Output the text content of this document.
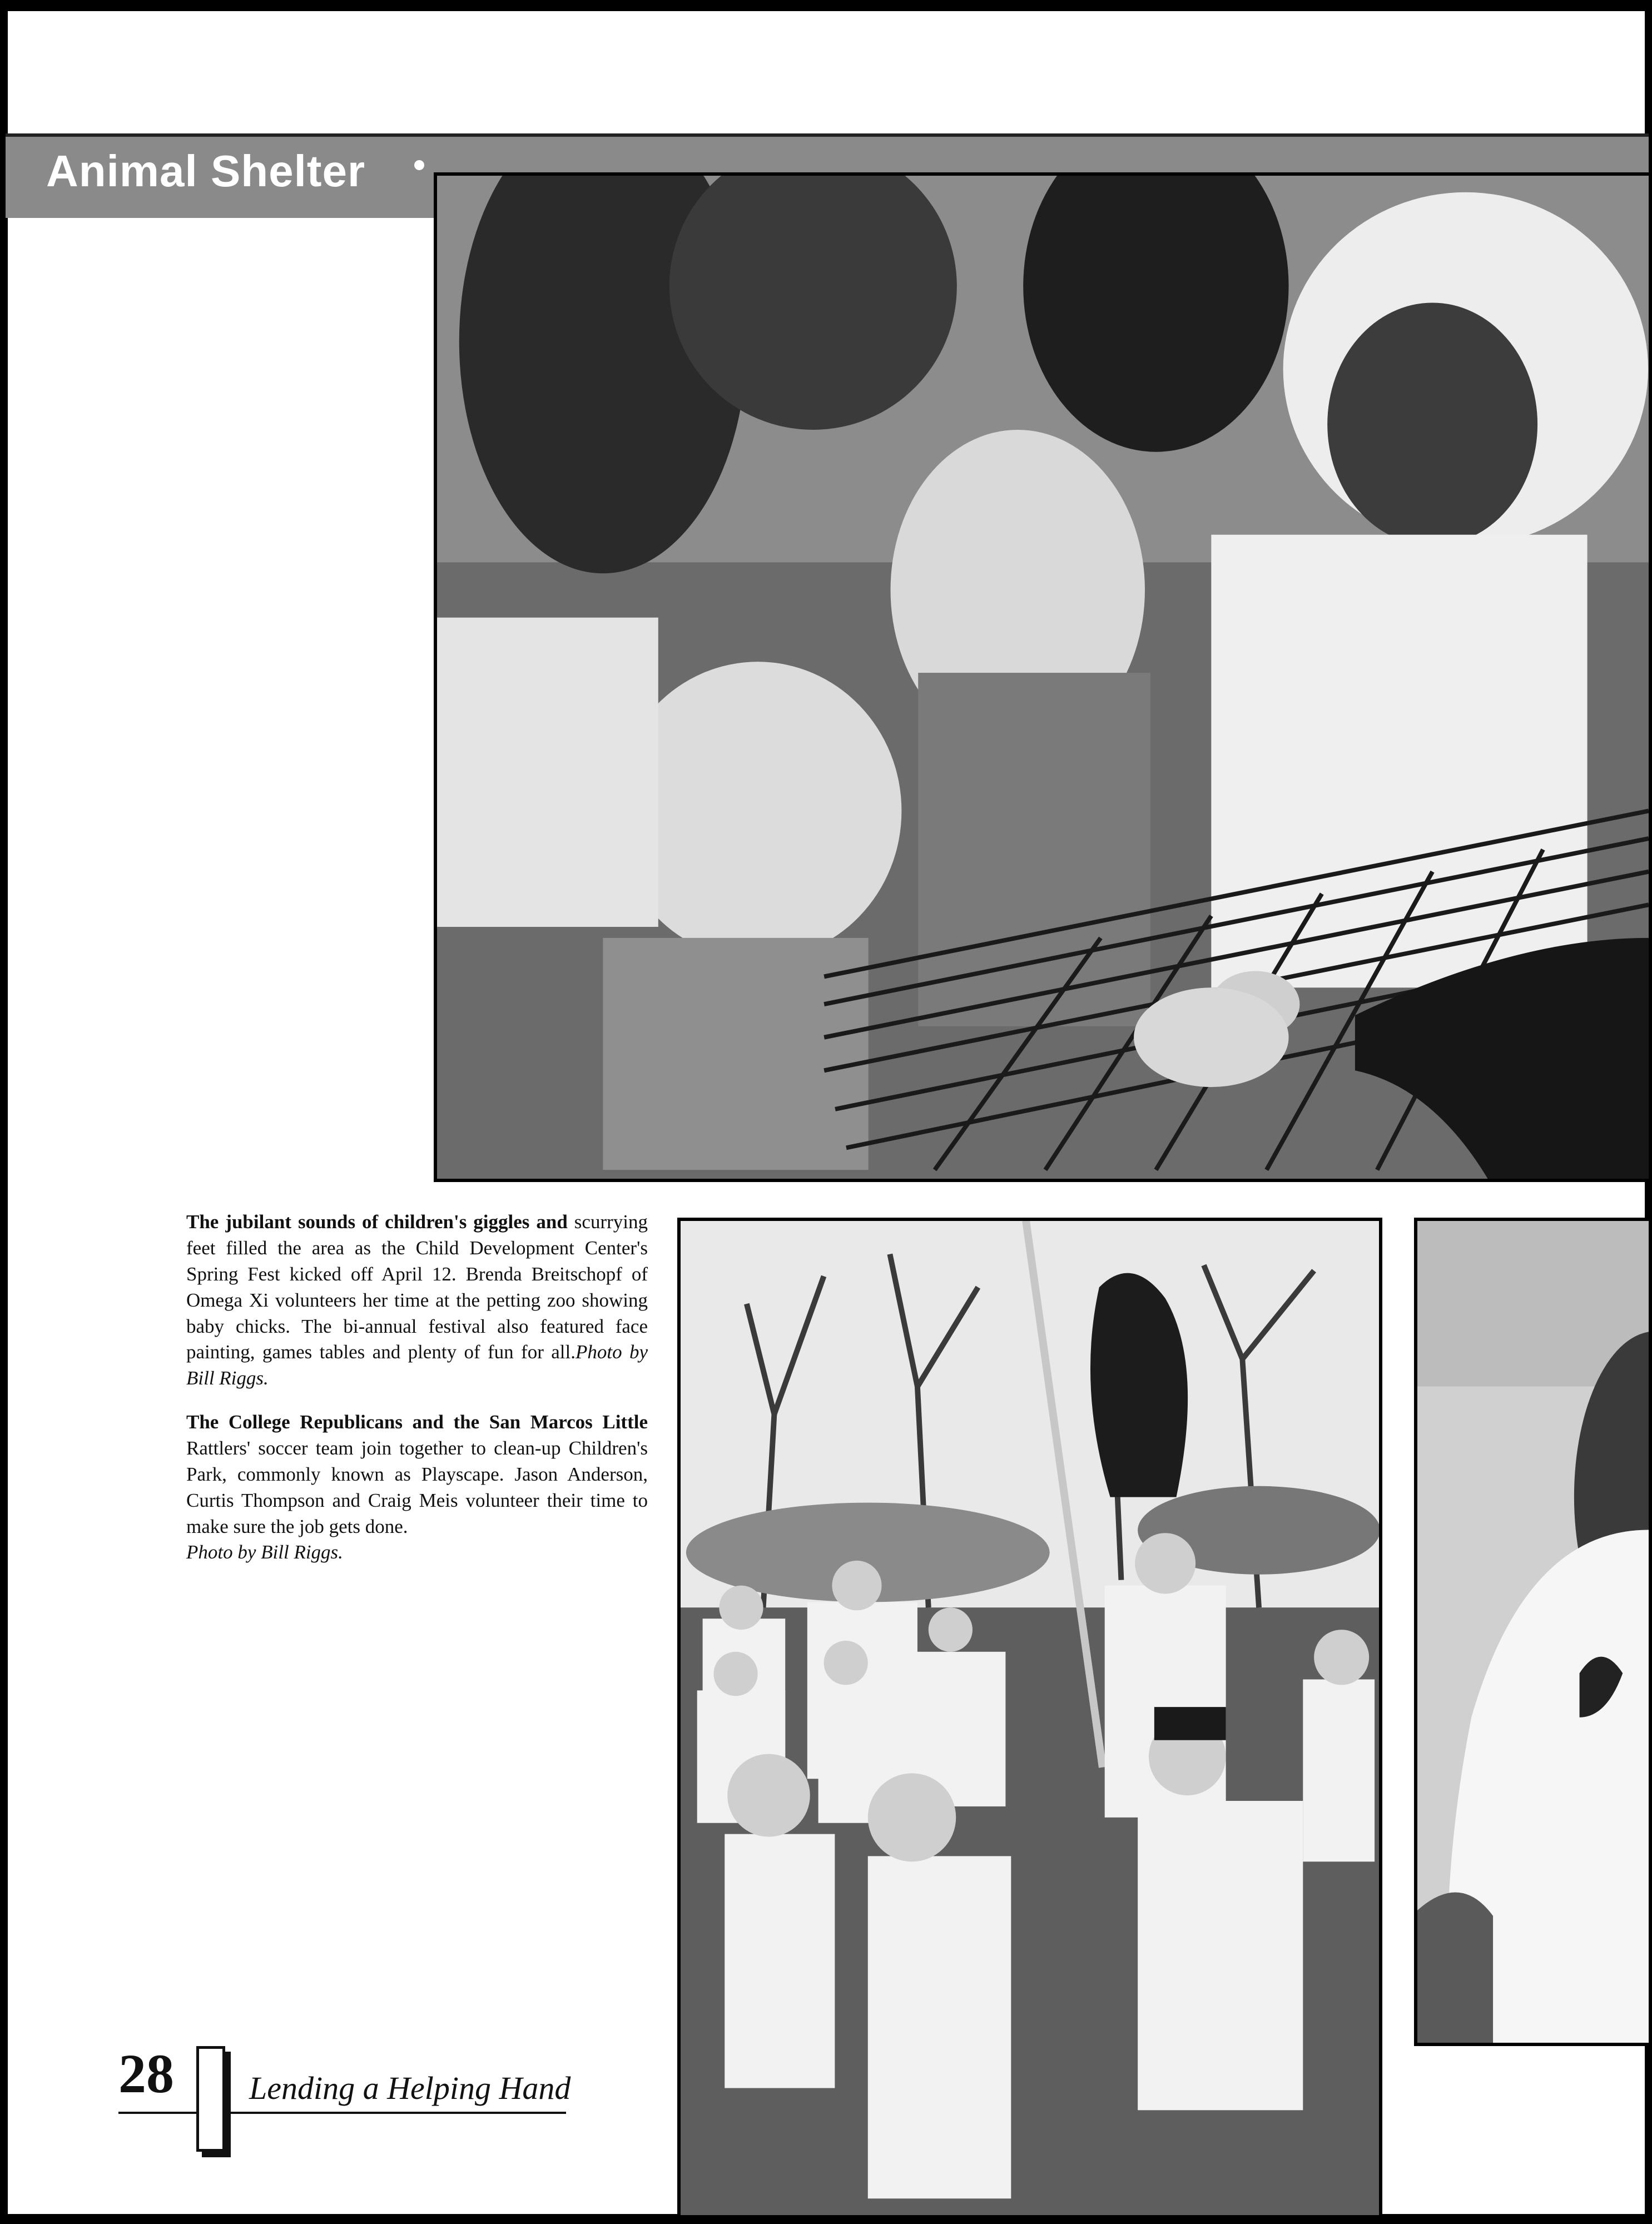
Animal Shelter
The jubilant sounds of children's giggles and scurrying feet filled the area as the Child Development Center's Spring Fest kicked off April 12. Brenda Breitschopf of Omega Xi volunteers her time at the petting zoo showing baby chicks. The bi-annual festival also featured face painting, games tables and plenty of fun for all.Photo by Bill Riggs.
The College Republicans and the San Marcos Little Rattlers' soccer team join together to clean-up Children's Park, commonly known as Playscape. Jason Anderson, Curtis Thompson and Craig Meis volunteer their time to make sure the job gets done.
Photo by Bill Riggs.
28 Lending a Helping Hand
